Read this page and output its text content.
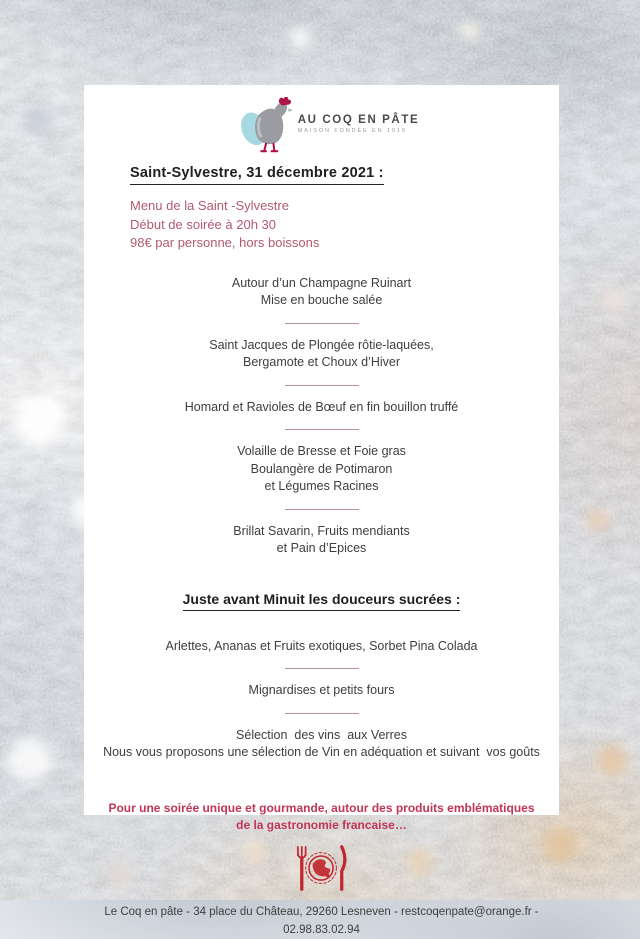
AU COQ EN PÂTE
MAISON FONDÉE EN 1919
Saint-Sylvestre, 31 décembre 2021 :

Menu de la Saint -Sylvestre

Début de soirée à 20h 30

98€ par personne, hors boissons

Autour d’un Champagne Ruinart

Mise en bouche salée

Saint Jacques de Plongée rôtie-laquées,

Bergamote et Choux d’Hiver

Homard et Ravioles de Bœuf en fin bouillon truffé

Volaille de Bresse et Foie gras

Boulangère de Potimaron

et Légumes Racines

Brillat Savarin, Fruits mendiants

et Pain d’Epices

Juste avant Minuit les douceurs sucrées :

Arlettes, Ananas et Fruits exotiques, Sorbet Pina Colada

Mignardises et petits fours

Sélection  des vins  aux Verres

Nous vous proposons une sélection de Vin en adéquation et suivant  vos goûts

Pour une soirée unique et gourmande, autour des produits emblématiques de la gastronomie francaise…

Le Coq en pâte - 34 place du Château, 29260 Lesneven - restcoqenpate@orange.fr - 02.98.83.02.94
